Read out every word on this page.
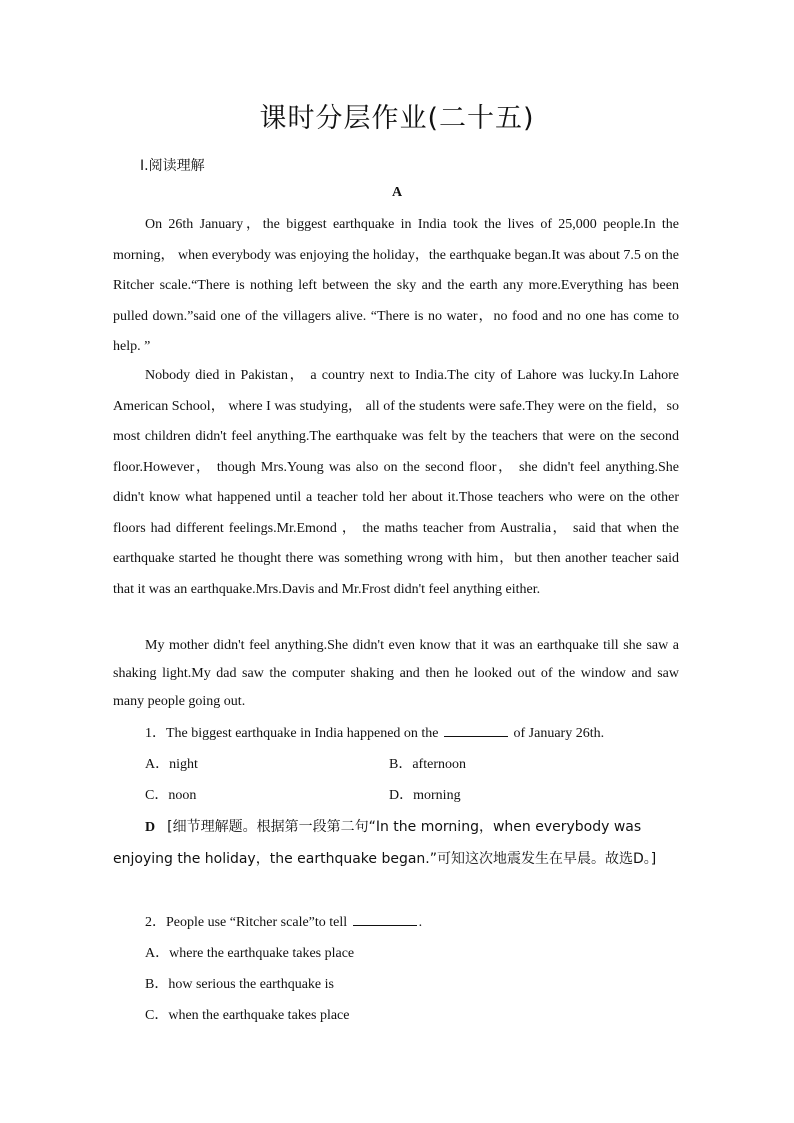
课时分层作业(二十五)
Ⅰ.阅读理解
A

On 26th January，the biggest earthquake in India took the lives of 25,000 people.In the morning， when everybody was enjoying the holiday，the earthquake began.It was about 7.5 on the Ritcher scale.“There is nothing left between the sky and the earth any more.Everything has been pulled down.”said one of the villagers alive. “There is no water，no food and no one has come to help. ”

Nobody died in Pakistan， a country next to India.The city of Lahore was lucky.In Lahore American School， where I was studying， all of the students were safe.They were on the field，so most children didn't feel anything.The earthquake was felt by the teachers that were on the second floor.However， though Mrs.Young was also on the second floor， she didn't feel anything.She didn't know what happened until a teacher told her about it.Those teachers who were on the other floors had different feelings.Mr.Emond ， the maths teacher from Australia， said that when the earthquake started he thought there was something wrong with him，but then another teacher said that it was an earthquake.Mrs.Davis and Mr.Frost didn't feel anything either.

My mother didn't feel anything.She didn't even know that it was an earthquake till she saw a shaking light.My dad saw the computer shaking and then he looked out of the window and saw many people going out.

1．The biggest earthquake in India happened on the	of January 26th.
A．night	B．afternoon
C．noon	D．morning

D [细节理解题。根据第一段第二句“In the morning，when everybody was enjoying the holiday，the earthquake began.”可知这次地震发生在早晨。故选D。]

2．People use “Ritcher scale”to tell	.
A．where the earthquake takes place
B．how serious the earthquake is
C．when the earthquake takes place
